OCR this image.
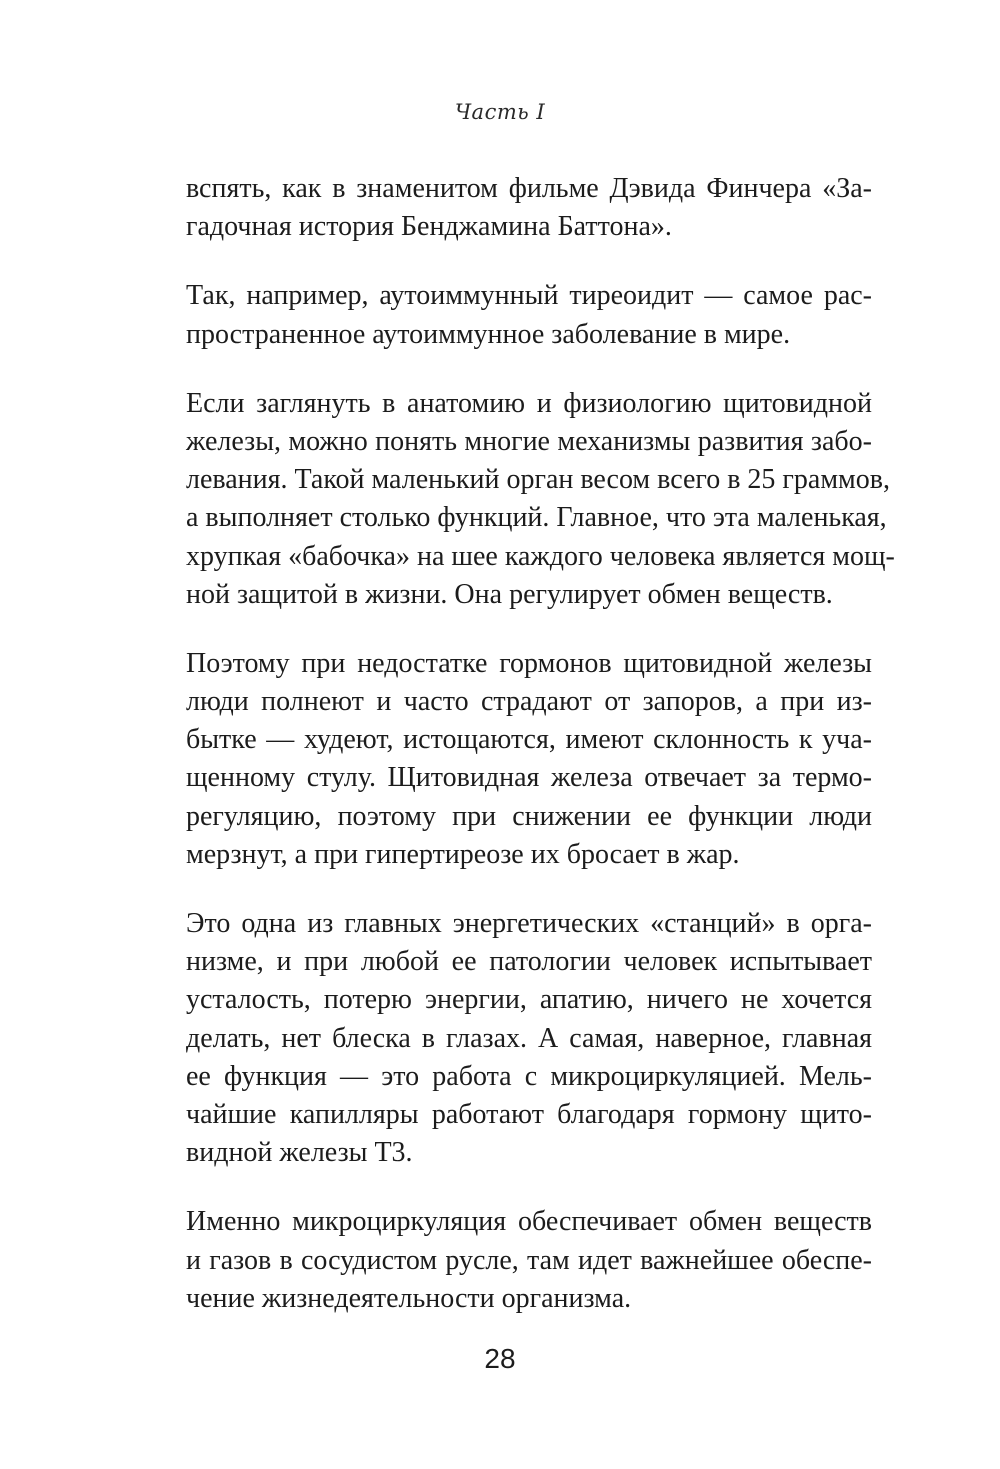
Часть I
вспять, как в знаменитом фильме Дэвида Финчера «За-
гадочная история Бенджамина Баттона».
Так, например, аутоиммунный тиреоидит — самое рас-
пространенное аутоиммунное заболевание в мире.
Если заглянуть в анатомию и физиологию щитовидной
железы, можно понять многие механизмы развития забо-
левания. Такой маленький орган весом всего в 25 граммов,
а выполняет столько функций. Главное, что эта маленькая,
хрупкая «бабочка» на шее каждого человека является мощ-
ной защитой в жизни. Она регулирует обмен веществ.
Поэтому при недостатке гормонов щитовидной железы
люди полнеют и часто страдают от запоров, а при из-
бытке — худеют, истощаются, имеют склонность к уча-
щенному стулу. Щитовидная железа отвечает за термо-
регуляцию, поэтому при снижении ее функции люди
мерзнут, а при гипертиреозе их бросает в жар.
Это одна из главных энергетических «станций» в орга-
низме, и при любой ее патологии человек испытывает
усталость, потерю энергии, апатию, ничего не хочется
делать, нет блеска в глазах. А самая, наверное, главная
ее функция — это работа с микроциркуляцией. Мель-
чайшие капилляры работают благодаря гормону щито-
видной железы Т3.
Именно микроциркуляция обеспечивает обмен веществ
и газов в сосудистом русле, там идет важнейшее обеспе-
чение жизнедеятельности организма.
28
